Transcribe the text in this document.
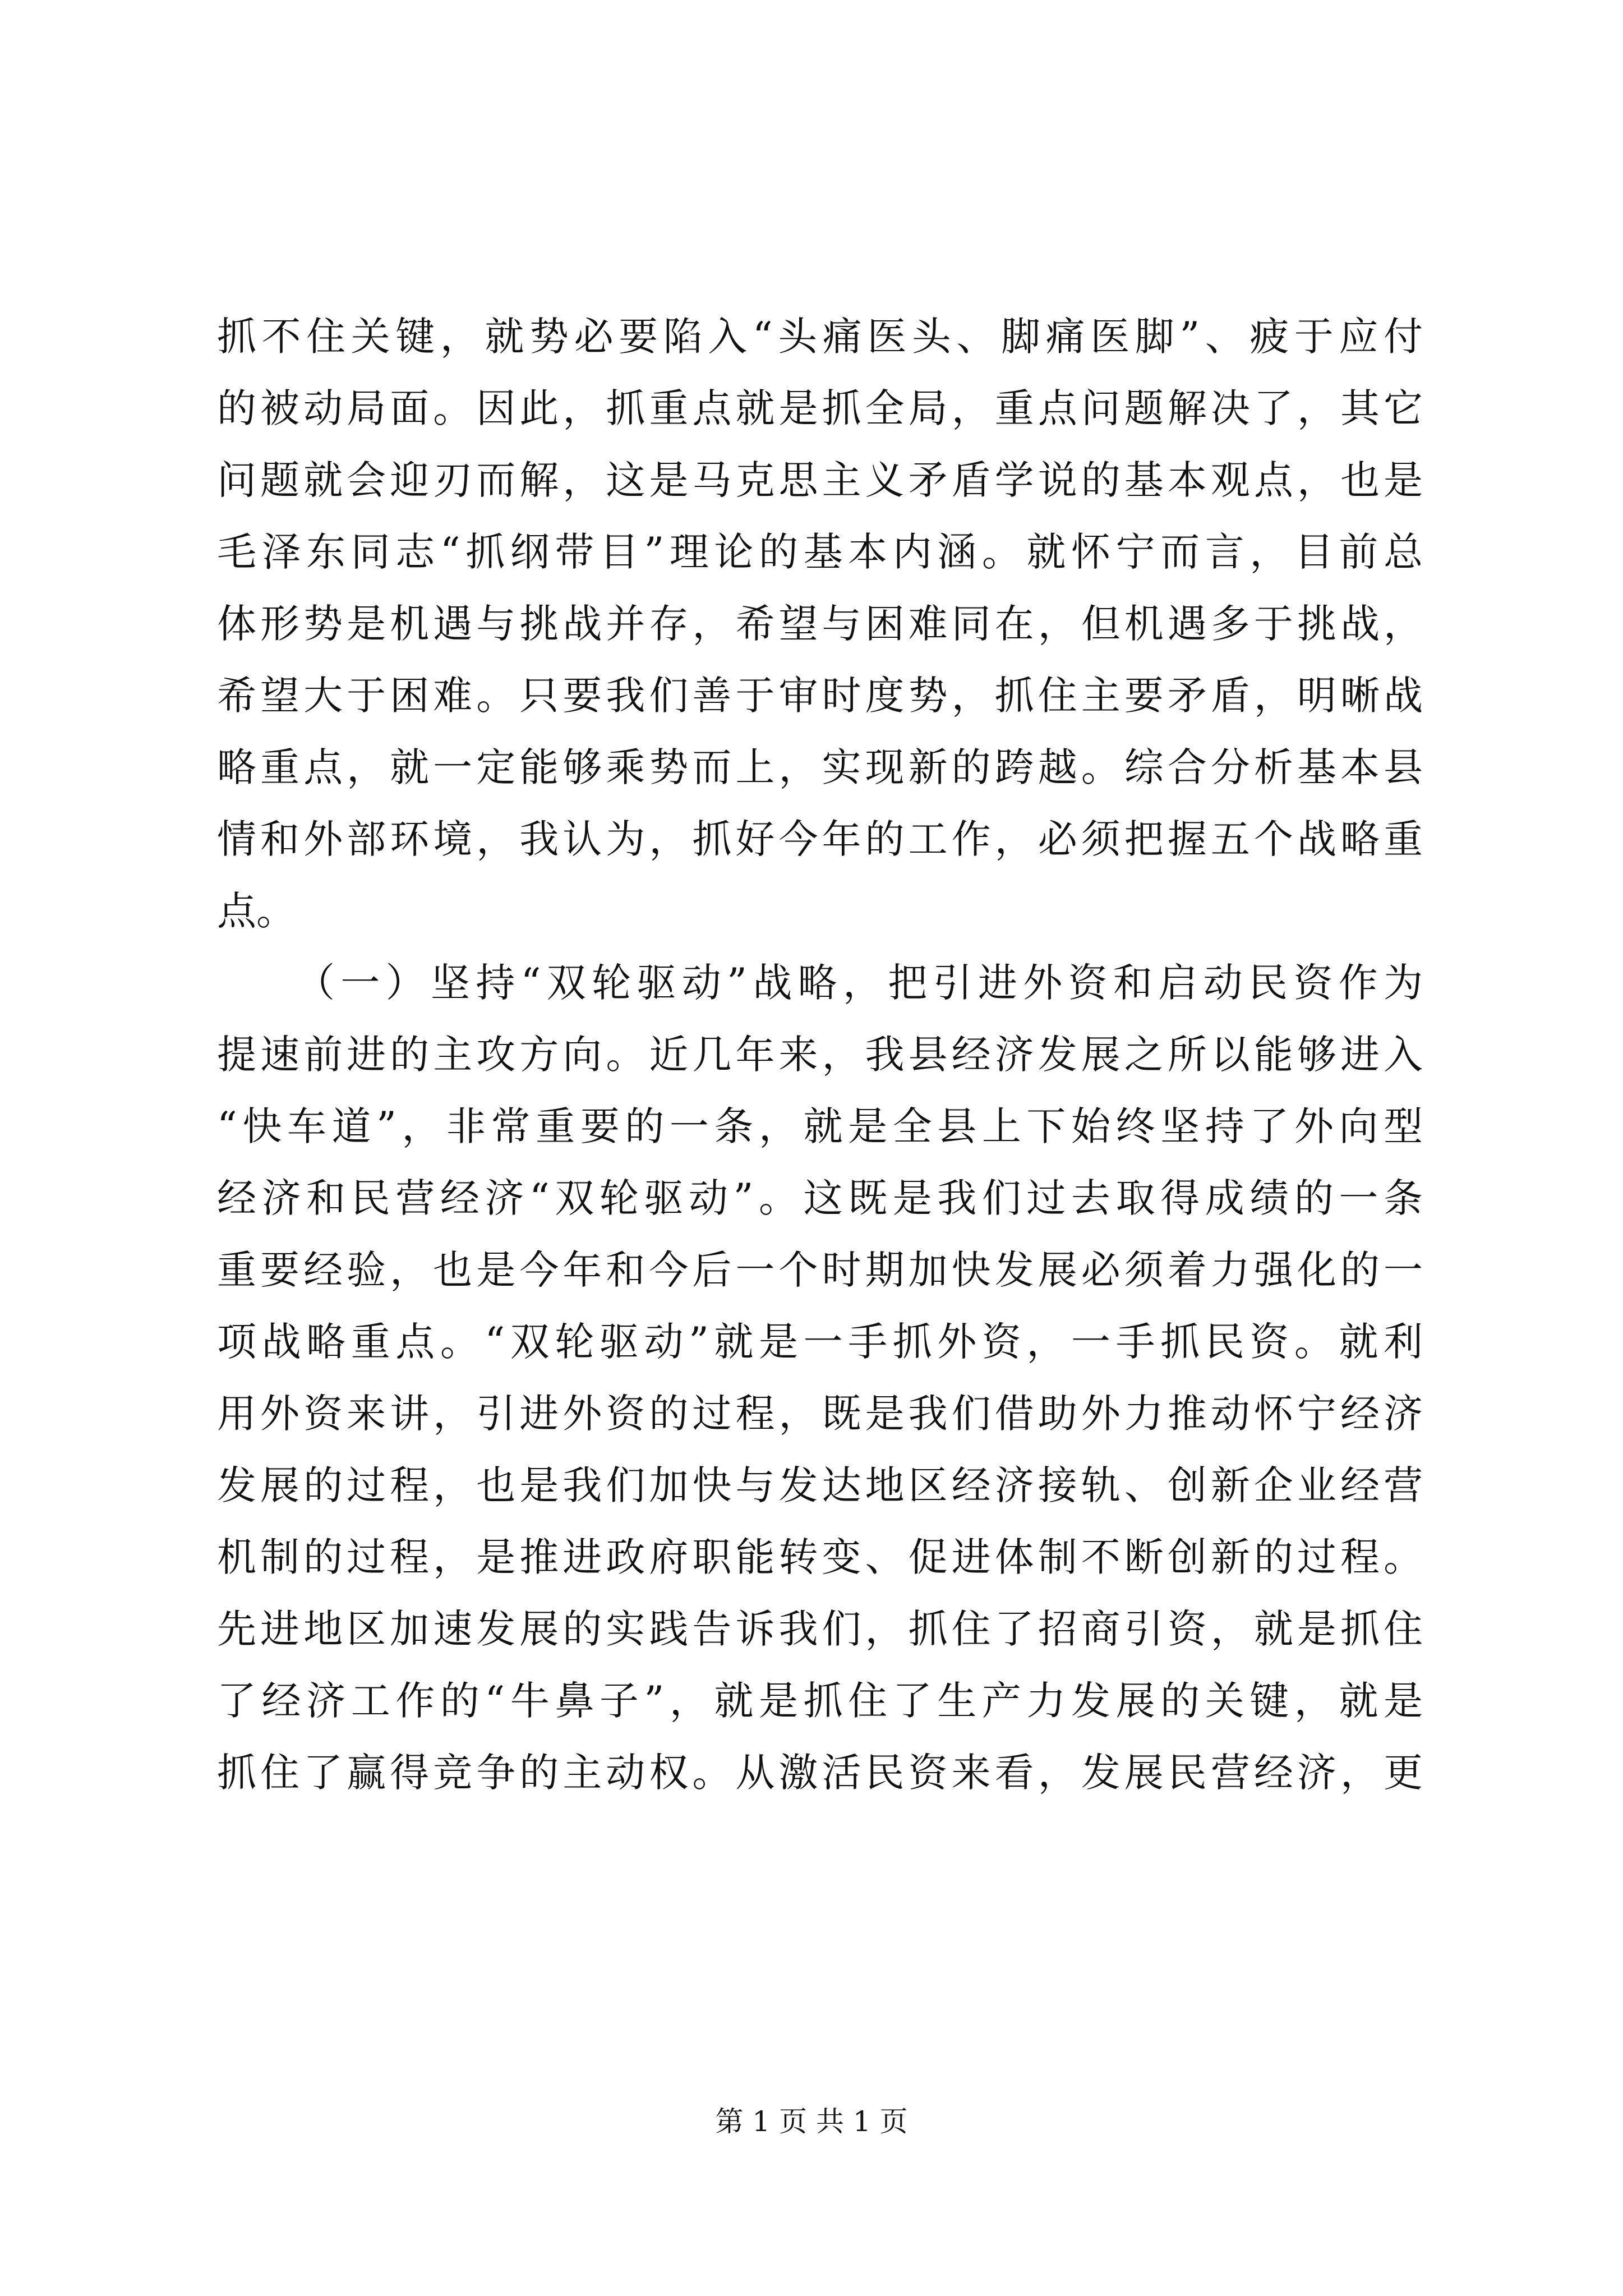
抓不住关键，就势必要陷入“头痛医头、脚痛医脚”、疲于应付
的被动局面。因此，抓重点就是抓全局，重点问题解决了，其它
问题就会迎刃而解，这是马克思主义矛盾学说的基本观点，也是
毛泽东同志“抓纲带目”理论的基本内涵。就怀宁而言，目前总
体形势是机遇与挑战并存，希望与困难同在，但机遇多于挑战，
希望大于困难。只要我们善于审时度势，抓住主要矛盾，明晰战
略重点，就一定能够乘势而上，实现新的跨越。综合分析基本县
情和外部环境，我认为，抓好今年的工作，必须把握五个战略重
点。
（一）坚持“双轮驱动”战略，把引进外资和启动民资作为
提速前进的主攻方向。近几年来，我县经济发展之所以能够进入
“快车道”，非常重要的一条，就是全县上下始终坚持了外向型
经济和民营经济“双轮驱动”。这既是我们过去取得成绩的一条
重要经验，也是今年和今后一个时期加快发展必须着力强化的一
项战略重点。“双轮驱动”就是一手抓外资，一手抓民资。就利
用外资来讲，引进外资的过程，既是我们借助外力推动怀宁经济
发展的过程，也是我们加快与发达地区经济接轨、创新企业经营
机制的过程，是推进政府职能转变、促进体制不断创新的过程。
先进地区加速发展的实践告诉我们，抓住了招商引资，就是抓住
了经济工作的“牛鼻子”，就是抓住了生产力发展的关键，就是
抓住了赢得竞争的主动权。从激活民资来看，发展民营经济，更
第 1 页 共 1 页
